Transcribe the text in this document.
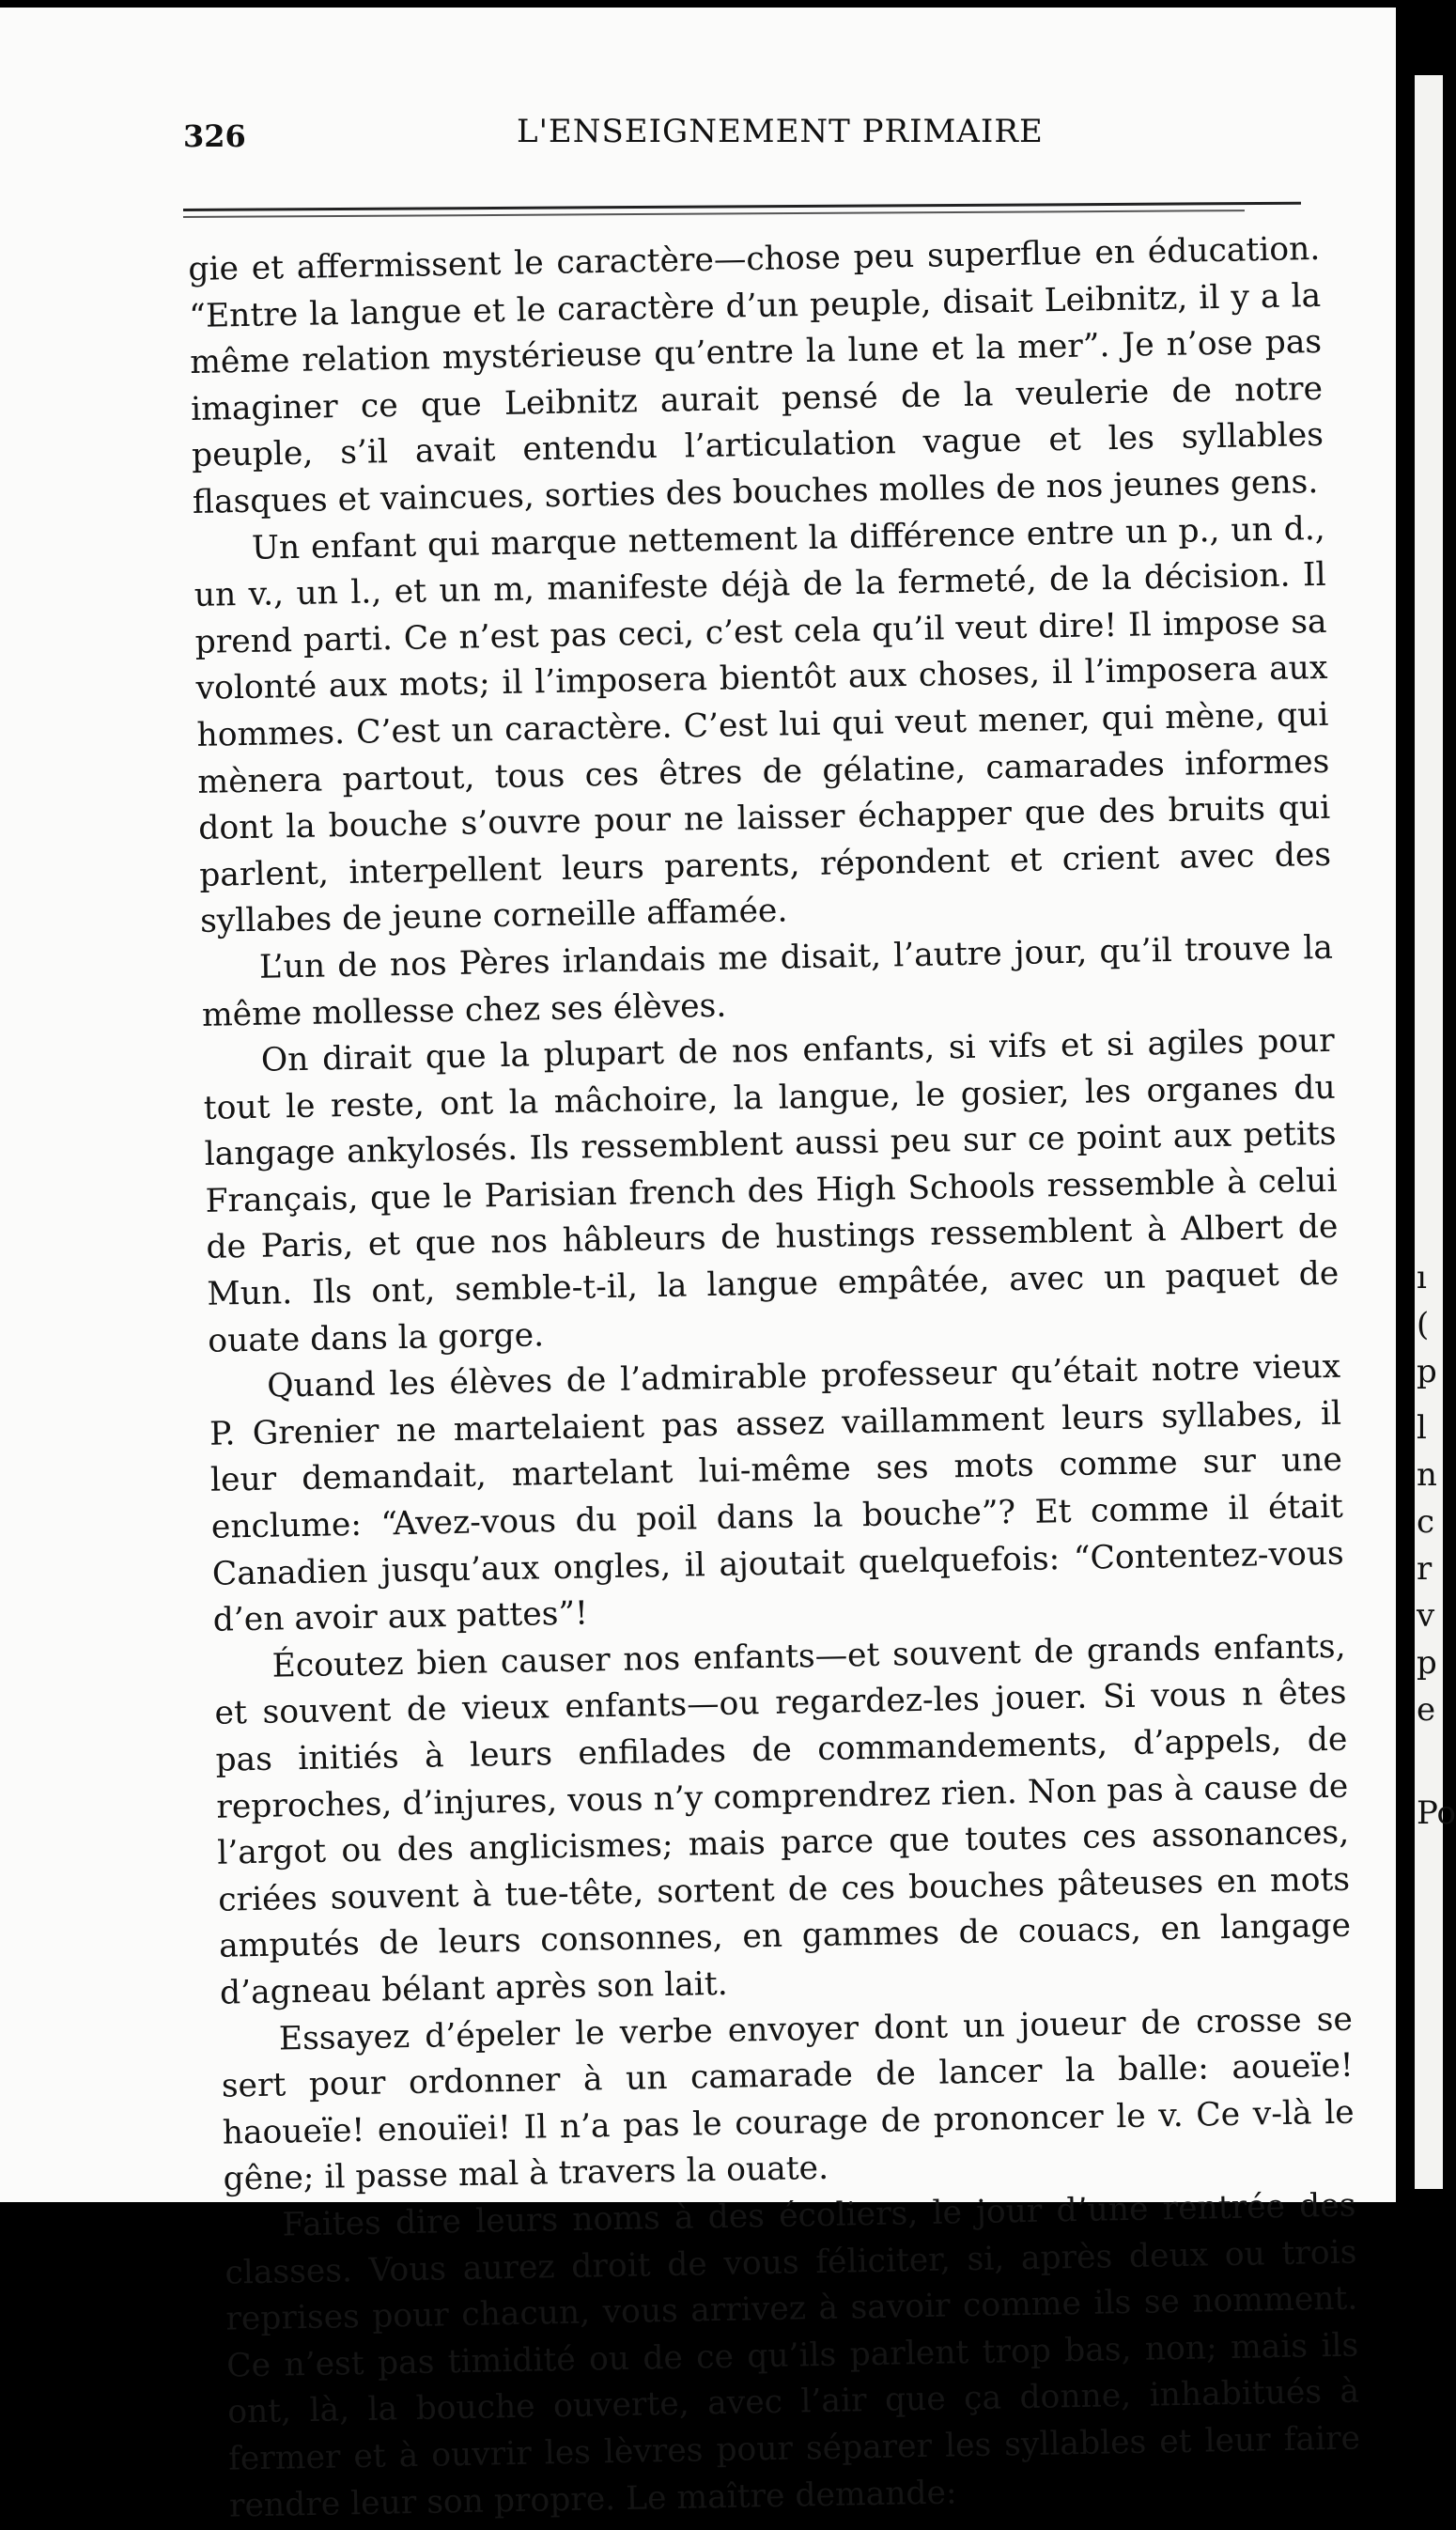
326	L'ENSEIGNEMENT PRIMAIRE

gie et affermissent le caractère—chose peu superflue en éducation. “Entre la langue et le caractère d’un peuple, disait Leibnitz, il y a la même relation mystérieuse qu’entre la lune et la mer”. Je n’ose pas imaginer ce que Leibnitz aurait pensé de la veulerie de notre peuple, s’il avait entendu l’articulation vague et les syllables flasques et vaincues, sorties des bouches molles de nos jeunes gens.

Un enfant qui marque nettement la différence entre un p., un d., un v., un l., et un m, manifeste déjà de la fermeté, de la décision. Il prend parti. Ce n’est pas ceci, c’est cela qu’il veut dire! Il impose sa volonté aux mots; il l’imposera bientôt aux choses, il l’imposera aux hommes. C’est un caractère. C’est lui qui veut mener, qui mène, qui mènera partout, tous ces êtres de gélatine, camarades informes dont la bouche s’ouvre pour ne laisser échapper que des bruits qui parlent, interpellent leurs parents, répondent et crient avec des syllabes de jeune corneille affamée.

L’un de nos Pères irlandais me disait, l’autre jour, qu’il trouve la même mollesse chez ses élèves.

On dirait que la plupart de nos enfants, si vifs et si agiles pour tout le reste, ont la mâchoire, la langue, le gosier, les organes du langage ankylosés. Ils ressemblent aussi peu sur ce point aux petits Français, que le Parisian french des High Schools ressemble à celui de Paris, et que nos hâbleurs de hustings ressemblent à Albert de Mun. Ils ont, semble-t-il, la langue empâtée, avec un paquet de ouate dans la gorge.

Quand les élèves de l’admirable professeur qu’était notre vieux P. Grenier ne martelaient pas assez vaillamment leurs syllabes, il leur demandait, martelant lui-même ses mots comme sur une enclume: “Avez-vous du poil dans la bouche”? Et comme il était Canadien jusqu’aux ongles, il ajoutait quelquefois: “Contentez-vous d’en avoir aux pattes”!

Écoutez bien causer nos enfants—et souvent de grands enfants, et souvent de vieux enfants—ou regardez-les jouer. Si vous n êtes pas initiés à leurs enfilades de commandements, d’appels, de reproches, d’injures, vous n’y comprendrez rien. Non pas à cause de l’argot ou des anglicismes; mais parce que toutes ces assonances, criées souvent à tue-tête, sortent de ces bouches pâteuses en mots amputés de leurs consonnes, en gammes de couacs, en langage d’agneau bélant après son lait.

Essayez d’épeler le verbe envoyer dont un joueur de crosse se sert pour ordonner à un camarade de lancer la balle: aoueïe! haoueïe! enouïei! Il n’a pas le courage de prononcer le v. Ce v-là le gêne; il passe mal à travers la ouate.

Faites dire leurs noms à des écoliers, le jour d’une rentrée des classes. Vous aurez droit de vous féliciter, si, après deux ou trois reprises pour chacun, vous arrivez à savoir comme ils se nomment. Ce n’est pas timidité ou de ce qu’ils parlent trop bas, non; mais ils ont, là, la bouche ouverte, avec l’air que ça donne, inhabitués à fermer et à ouvrir les lèvres pour séparer les syllables et leur faire rendre leur son propre. Le maître demande:

ı
(
p
l
n
c
r
v
p
e
Po
